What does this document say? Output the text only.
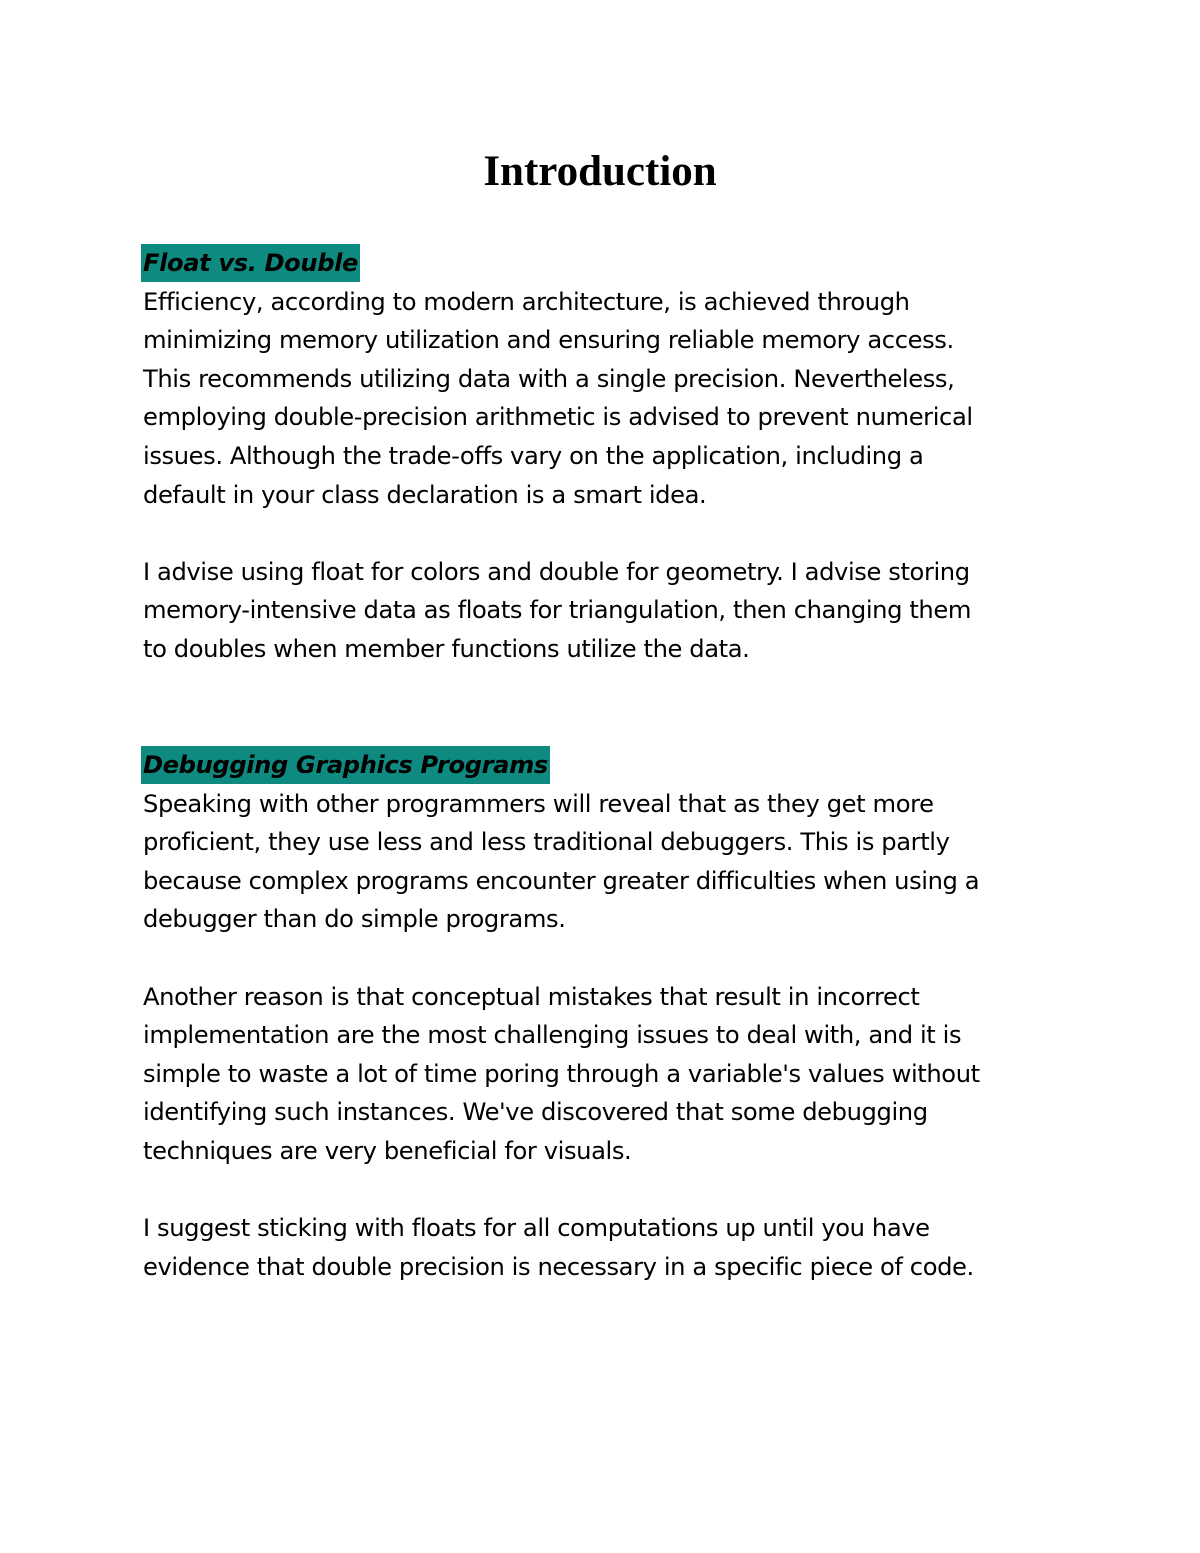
Introduction
Float vs. Double
Efficiency, according to modern architecture, is achieved through
minimizing memory utilization and ensuring reliable memory access.
This recommends utilizing data with a single precision. Nevertheless,
employing double-precision arithmetic is advised to prevent numerical
issues. Although the trade-offs vary on the application, including a
default in your class declaration is a smart idea.
I advise using float for colors and double for geometry. I advise storing
memory-intensive data as floats for triangulation, then changing them
to doubles when member functions utilize the data.
Debugging Graphics Programs
Speaking with other programmers will reveal that as they get more
proficient, they use less and less traditional debuggers. This is partly
because complex programs encounter greater difficulties when using a
debugger than do simple programs.
Another reason is that conceptual mistakes that result in incorrect
implementation are the most challenging issues to deal with, and it is
simple to waste a lot of time poring through a variable's values without
identifying such instances. We've discovered that some debugging
techniques are very beneficial for visuals.
I suggest sticking with floats for all computations up until you have
evidence that double precision is necessary in a specific piece of code.
